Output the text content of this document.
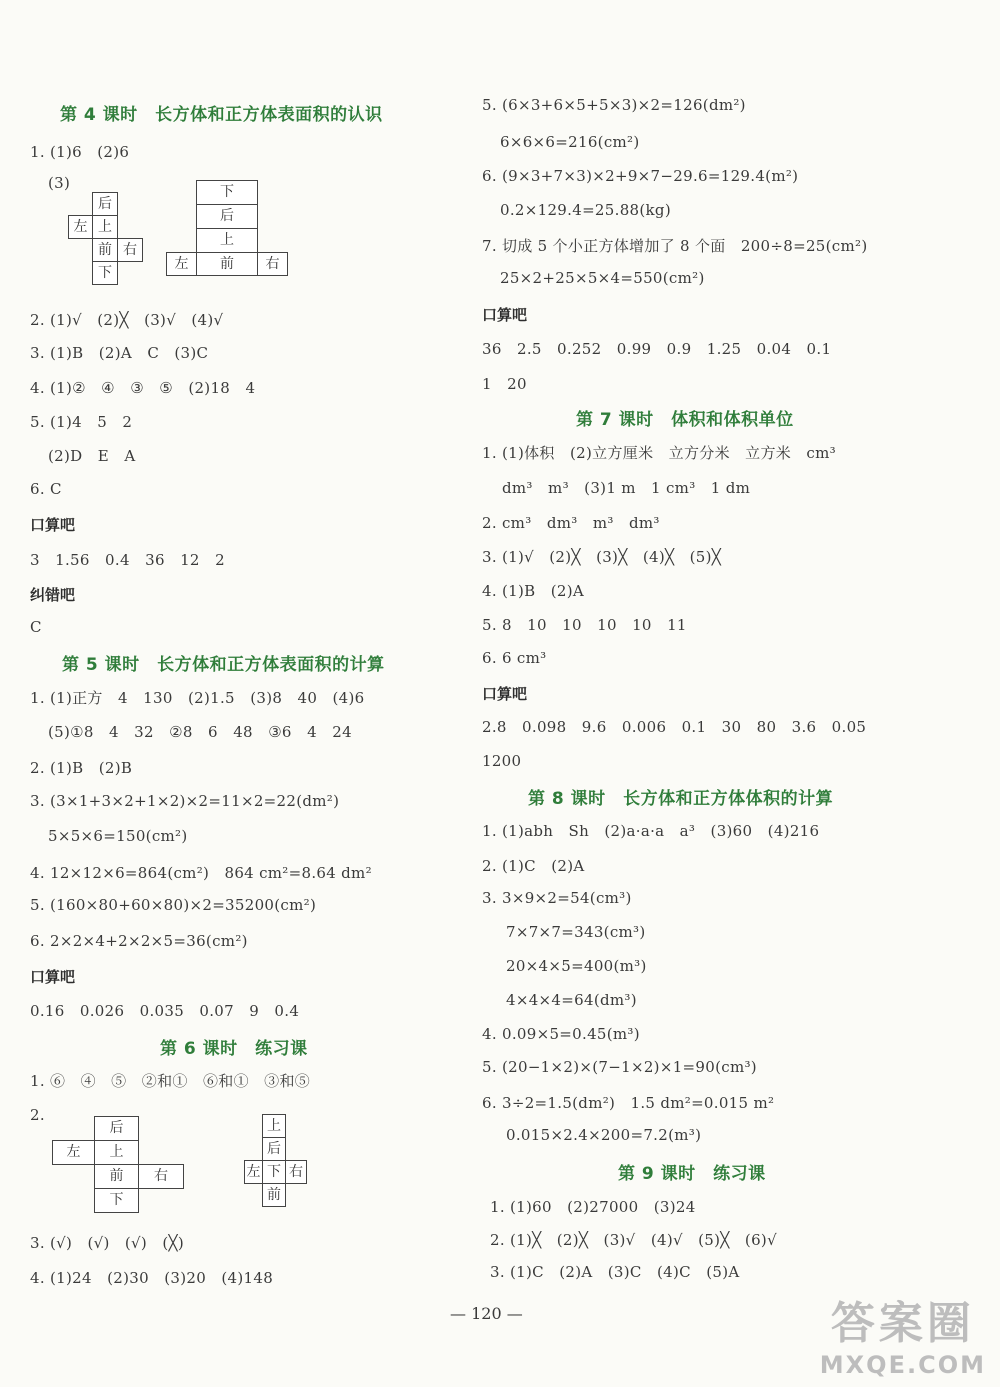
第 4 课时　长方体和正方体表面积的认识
1. (1)6　(2)6
(3)
后
左 上
前 右
下
下
后
上
左	前	右
2. (1)√　(2)╳　(3)√　(4)√
3. (1)B　(2)A　C　(3)C
4. (1)②　④　③　⑤　(2)18　4
5. (1)4　5　2
(2)D　E　A
6. C
口算吧
3　1.56　0.4　36　12　2
纠错吧
C
第 5 课时　长方体和正方体表面积的计算
1. (1)正方　4　130　(2)1.5　(3)8　40　(4)6
(5)①8　4　32　②8　6　48　③6　4　24
2. (1)B　(2)B
3. (3×1+3×2+1×2)×2=11×2=22(dm²)
5×5×6=150(cm²)
4. 12×12×6=864(cm²)　864 cm²=8.64 dm²
5. (160×80+60×80)×2=35200(cm²)
6. 2×2×4+2×2×5=36(cm²)
口算吧
0.16　0.026　0.035　0.07　9　0.4
第 6 课时　练习课
1. ⑥　④　⑤　②和①　⑥和①　③和⑤
2.
后
左	上
前	右
下
上
后
左 下 右
前
3. (√)　(√)　(√)　(╳)
4. (1)24　(2)30　(3)20　(4)148
5. (6×3+6×5+5×3)×2=126(dm²)
6×6×6=216(cm²)
6. (9×3+7×3)×2+9×7−29.6=129.4(m²)
0.2×129.4=25.88(kg)
7. 切成 5 个小正方体增加了 8 个面　200÷8=25(cm²)
25×2+25×5×4=550(cm²)
口算吧
36　2.5　0.252　0.99　0.9　1.25　0.04　0.1
1　20
第 7 课时　体积和体积单位
1. (1)体积　(2)立方厘米　立方分米　立方米　cm³
dm³　m³　(3)1 m　1 cm³　1 dm
2. cm³　dm³　m³　dm³
3. (1)√　(2)╳　(3)╳　(4)╳　(5)╳
4. (1)B　(2)A
5. 8　10　10　10　10　11
6. 6 cm³
口算吧
2.8　0.098　9.6　0.006　0.1　30　80　3.6　0.05
1200
第 8 课时　长方体和正方体体积的计算
1. (1)abh　Sh　(2)a·a·a　a³　(3)60　(4)216
2. (1)C　(2)A
3. 3×9×2=54(cm³)
7×7×7=343(cm³)
20×4×5=400(m³)
4×4×4=64(dm³)
4. 0.09×5=0.45(m³)
5. (20−1×2)×(7−1×2)×1=90(cm³)
6. 3÷2=1.5(dm²)　1.5 dm²=0.015 m²
0.015×2.4×200=7.2(m³)
第 9 课时　练习课
1. (1)60　(2)27000　(3)24
2. (1)╳　(2)╳　(3)√　(4)√　(5)╳　(6)√
3. (1)C　(2)A　(3)C　(4)C　(5)A
— 120 —	答案圈
MXQE.COM
